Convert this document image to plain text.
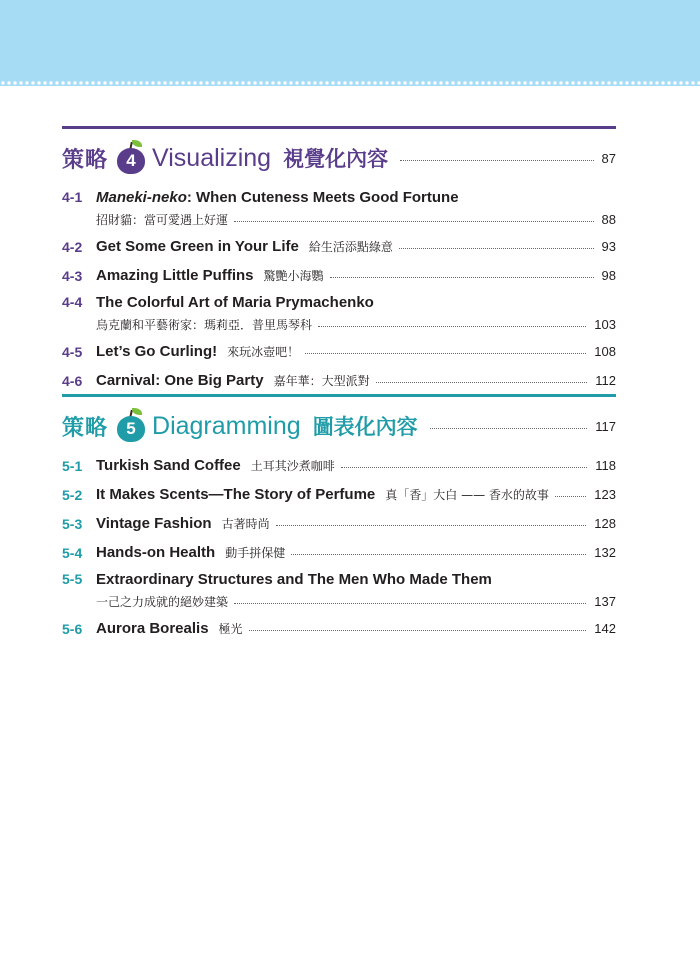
策略	4 Visualizing 視覺化內容	87
4-1 Maneki-neko: When Cuteness Meets Good Fortune
招財貓：當可愛遇上好運	88
4-2 Get Some Green in Your Life 給生活添點綠意	93
4-3 Amazing Little Puffins 驚艷小海鸚	98
4-4 The Colorful Art of Maria Prymachenko
烏克蘭和平藝術家：瑪莉亞．普里馬琴科	103
4-5 Let’s Go Curling! 來玩冰壺吧！	108
4-6 Carnival: One Big Party 嘉年華：大型派對	112
策略	5 Diagramming 圖表化內容	117
5-1 Turkish Sand Coffee 土耳其沙煮咖啡	118
5-2 It Makes Scents—The Story of Perfume 真「香」大白 —— 香水的故事	123
5-3 Vintage Fashion 古著時尚	128
5-4 Hands-on Health 動手拼保健	132
5-5 Extraordinary Structures and The Men Who Made Them
一己之力成就的絕妙建築	137
5-6 Aurora Borealis 極光	142
